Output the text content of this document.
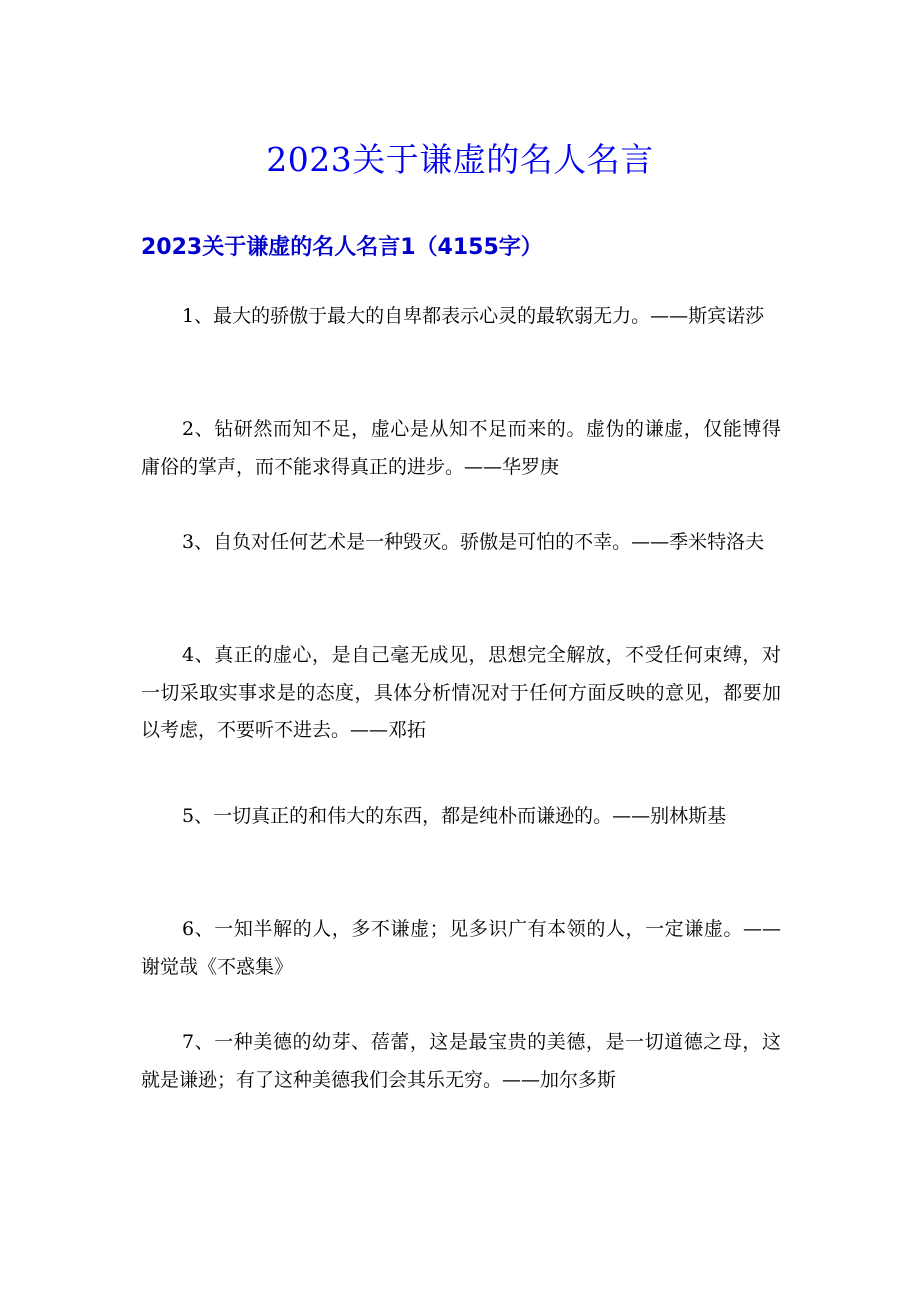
2023关于谦虚的名人名言
2023关于谦虚的名人名言1（4155字）

1、最大的骄傲于最大的自卑都表示心灵的最软弱无力。——斯宾诺莎

2、钻研然而知不足，虚心是从知不足而来的。虚伪的谦虚，仅能博得庸俗的掌声，而不能求得真正的进步。——华罗庚

3、自负对任何艺术是一种毁灭。骄傲是可怕的不幸。——季米特洛夫

4、真正的虚心，是自己毫无成见，思想完全解放，不受任何束缚，对一切采取实事求是的态度，具体分析情况对于任何方面反映的意见，都要加以考虑，不要听不进去。——邓拓

5、一切真正的和伟大的东西，都是纯朴而谦逊的。——别林斯基

6、一知半解的人，多不谦虚；见多识广有本领的人，一定谦虚。——谢觉哉《不惑集》

7、一种美德的幼芽、蓓蕾，这是最宝贵的美德，是一切道德之母，这就是谦逊；有了这种美德我们会其乐无穷。——加尔多斯
